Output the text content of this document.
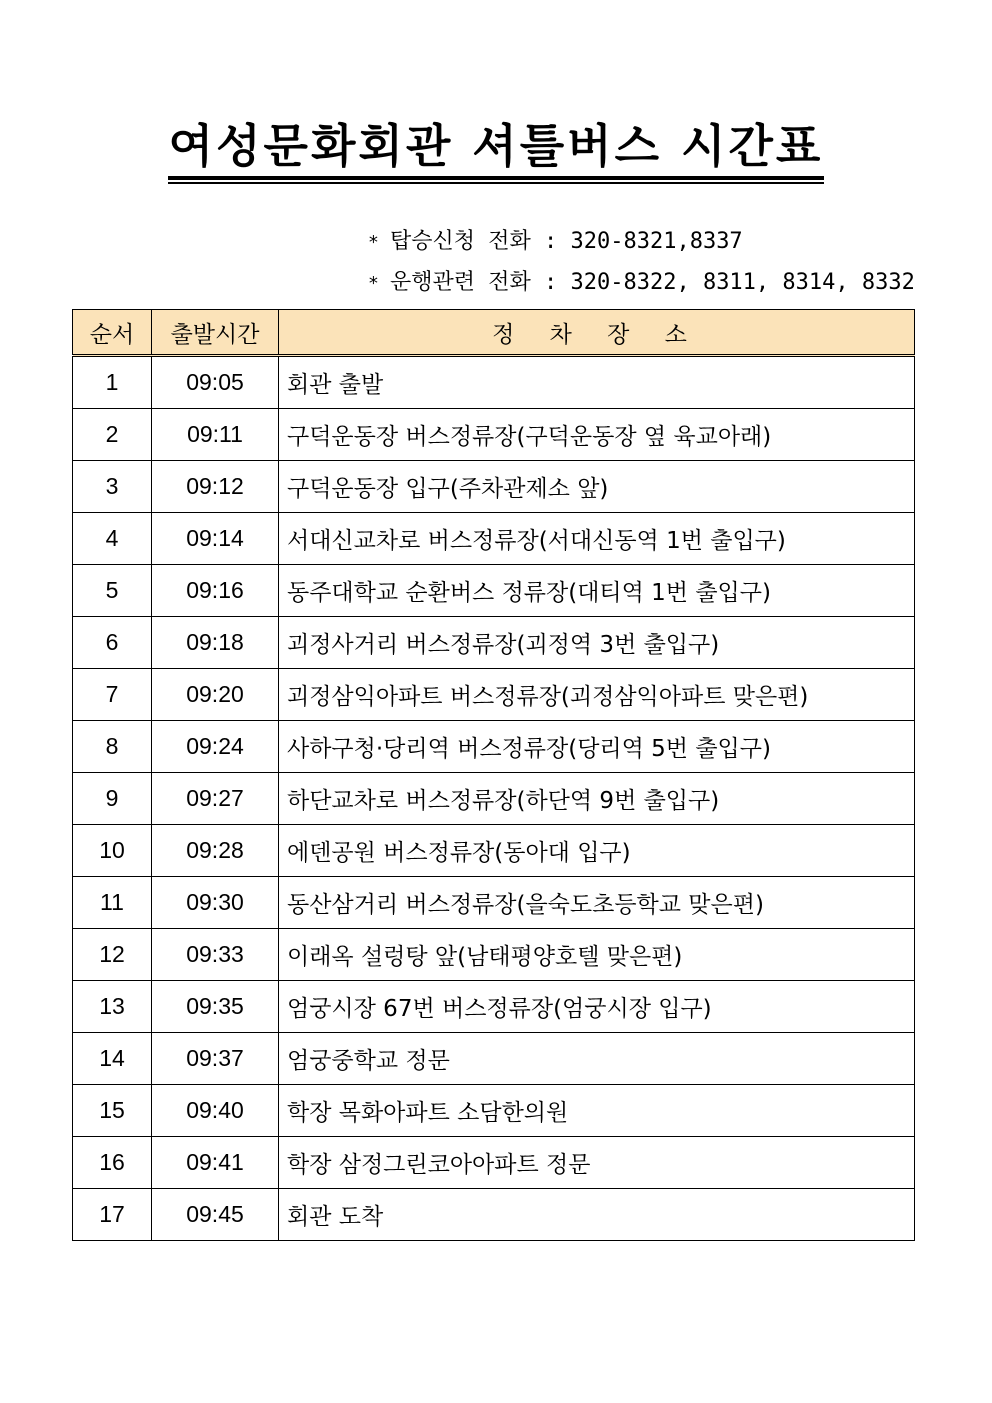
여성문화회관 셔틀버스 시간표
* 탑승신청 전화 : 320-8321,8337
* 운행관련 전화 : 320-8322, 8311, 8314, 8332
순서	출발시간	정 차 장 소
1	09:05	회관 출발
2	09:11	구덕운동장 버스정류장(구덕운동장 옆 육교아래)
3	09:12	구덕운동장 입구(주차관제소 앞)
4	09:14	서대신교차로 버스정류장(서대신동역 1번 출입구)
5	09:16	동주대학교 순환버스 정류장(대티역 1번 출입구)
6	09:18	괴정사거리 버스정류장(괴정역 3번 출입구)
7	09:20	괴정삼익아파트 버스정류장(괴정삼익아파트 맞은편)
8	09:24	사하구청·당리역 버스정류장(당리역 5번 출입구)
9	09:27	하단교차로 버스정류장(하단역 9번 출입구)
10	09:28	에덴공원 버스정류장(동아대 입구)
11	09:30	동산삼거리 버스정류장(을숙도초등학교 맞은편)
12	09:33	이래옥 설렁탕 앞(남태평양호텔 맞은편)
13	09:35	엄궁시장 67번 버스정류장(엄궁시장 입구)
14	09:37	엄궁중학교 정문
15	09:40	학장 목화아파트 소담한의원
16	09:41	학장 삼정그린코아아파트 정문
17	09:45	회관 도착
